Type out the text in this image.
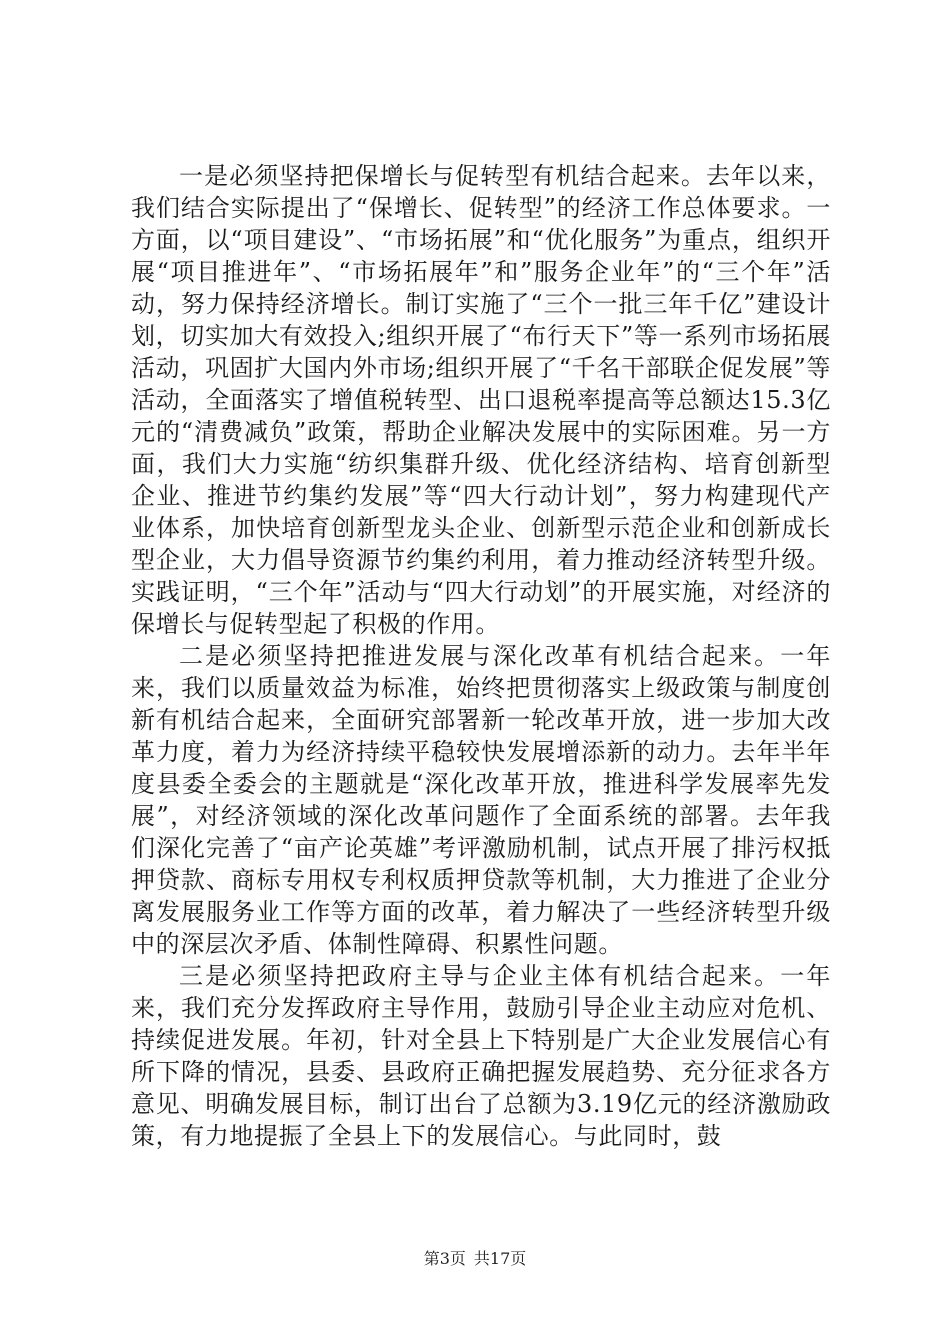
一是必须坚持把保增长与促转型有机结合起来。去年以来，我们结合实际提出了“保增长、促转型”的经济工作总体要求。一方面，以“项目建设”、“市场拓展”和“优化服务”为重点，组织开展“项目推进年”、“市场拓展年”和”服务企业年”的“三个年”活动，努力保持经济增长。制订实施了“三个一批三年千亿”建设计划，切实加大有效投入;组织开展了“布行天下”等一系列市场拓展活动，巩固扩大国内外市场;组织开展了“千名干部联企促发展”等活动，全面落实了增值税转型、出口退税率提高等总额达15.3亿元的“清费减负”政策，帮助企业解决发展中的实际困难。另一方面，我们大力实施“纺织集群升级、优化经济结构、培育创新型企业、推进节约集约发展”等“四大行动计划”，努力构建现代产业体系，加快培育创新型龙头企业、创新型示范企业和创新成长型企业，大力倡导资源节约集约利用，着力推动经济转型升级。实践证明，“三个年”活动与“四大行动划”的开展实施，对经济的保增长与促转型起了积极的作用。

二是必须坚持把推进发展与深化改革有机结合起来。一年来，我们以质量效益为标准，始终把贯彻落实上级政策与制度创新有机结合起来，全面研究部署新一轮改革开放，进一步加大改革力度，着力为经济持续平稳较快发展增添新的动力。去年半年度县委全委会的主题就是“深化改革开放，推进科学发展率先发展”，对经济领域的深化改革问题作了全面系统的部署。去年我们深化完善了“亩产论英雄”考评激励机制，试点开展了排污权抵押贷款、商标专用权专利权质押贷款等机制，大力推进了企业分离发展服务业工作等方面的改革，着力解决了一些经济转型升级中的深层次矛盾、体制性障碍、积累性问题。

三是必须坚持把政府主导与企业主体有机结合起来。一年来，我们充分发挥政府主导作用，鼓励引导企业主动应对危机、持续促进发展。年初，针对全县上下特别是广大企业发展信心有所下降的情况，县委、县政府正确把握发展趋势、充分征求各方意见、明确发展目标，制订出台了总额为3.19亿元的经济激励政策，有力地提振了全县上下的发展信心。与此同时，鼓

第3页 共17页
